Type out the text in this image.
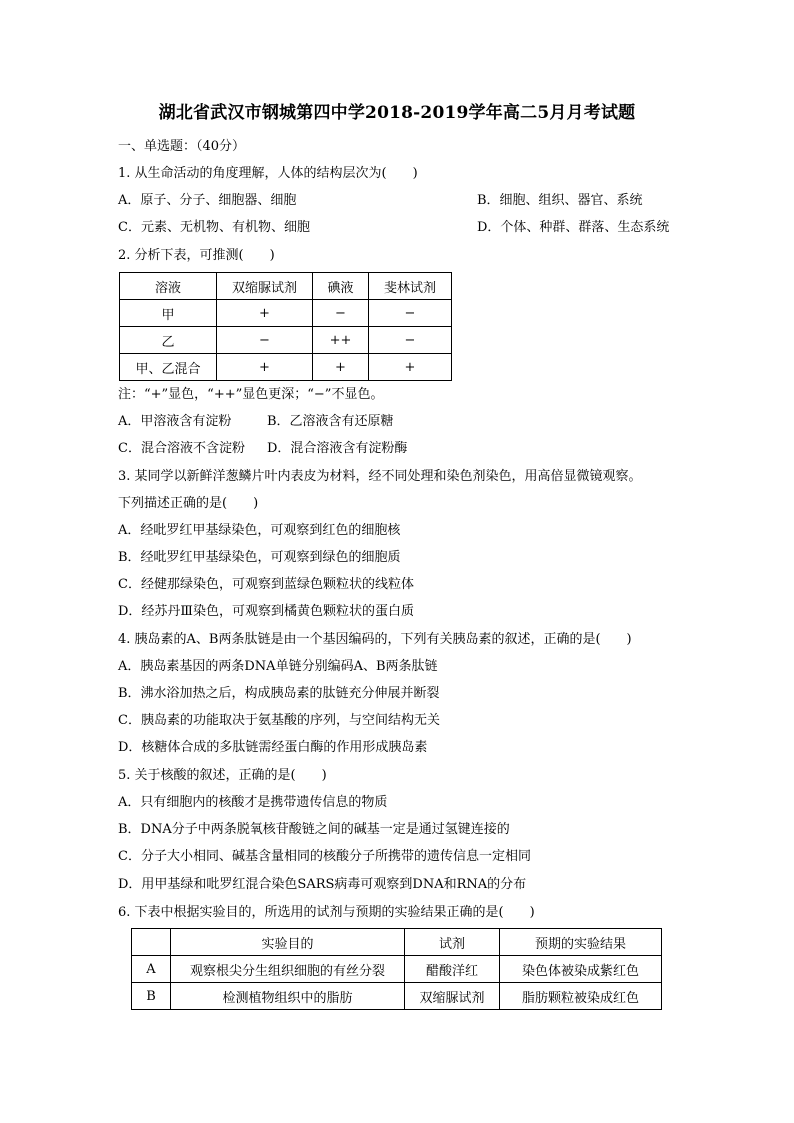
湖北省武汉市钢城第四中学2018-2019学年高二5月月考试题
一、单选题：（40分）
1. 从生命活动的角度理解，人体的结构层次为(　　)
A．原子、分子、细胞器、细胞	B．细胞、组织、器官、系统
C．元素、无机物、有机物、细胞	D．个体、种群、群落、生态系统
2. 分析下表，可推测(　　)
溶液	双缩脲试剂	碘液	斐林试剂
甲	+	−	−
乙	−	++	−
甲、乙混合	+	+	+
注：“+”显色，“++”显色更深；“−”不显色。
A．甲溶液含有淀粉	B．乙溶液含有还原糖
C．混合溶液不含淀粉 D．混合溶液含有淀粉酶
3. 某同学以新鲜洋葱鳞片叶内表皮为材料，经不同处理和染色剂染色，用高倍显微镜观察。
下列描述正确的是(　　)
A．经吡罗红甲基绿染色，可观察到红色的细胞核
B．经吡罗红甲基绿染色，可观察到绿色的细胞质
C．经健那绿染色，可观察到蓝绿色颗粒状的线粒体
D．经苏丹Ⅲ染色，可观察到橘黄色颗粒状的蛋白质
4. 胰岛素的A、B两条肽链是由一个基因编码的，下列有关胰岛素的叙述，正确的是(　　)
A．胰岛素基因的两条DNA单链分别编码A、B两条肽链
B．沸水浴加热之后，构成胰岛素的肽链充分伸展并断裂
C．胰岛素的功能取决于氨基酸的序列，与空间结构无关
D．核糖体合成的多肽链需经蛋白酶的作用形成胰岛素
5. 关于核酸的叙述，正确的是(　　)
A．只有细胞内的核酸才是携带遗传信息的物质
B．DNA分子中两条脱氧核苷酸链之间的碱基一定是通过氢键连接的
C．分子大小相同、碱基含量相同的核酸分子所携带的遗传信息一定相同
D．用甲基绿和吡罗红混合染色SARS病毒可观察到DNA和RNA的分布
6. 下表中根据实验目的，所选用的试剂与预期的实验结果正确的是(　　)
	实验目的	试剂	预期的实验结果
A	观察根尖分生组织细胞的有丝分裂	醋酸洋红	染色体被染成紫红色
B	检测植物组织中的脂肪	双缩脲试剂	脂肪颗粒被染成红色
